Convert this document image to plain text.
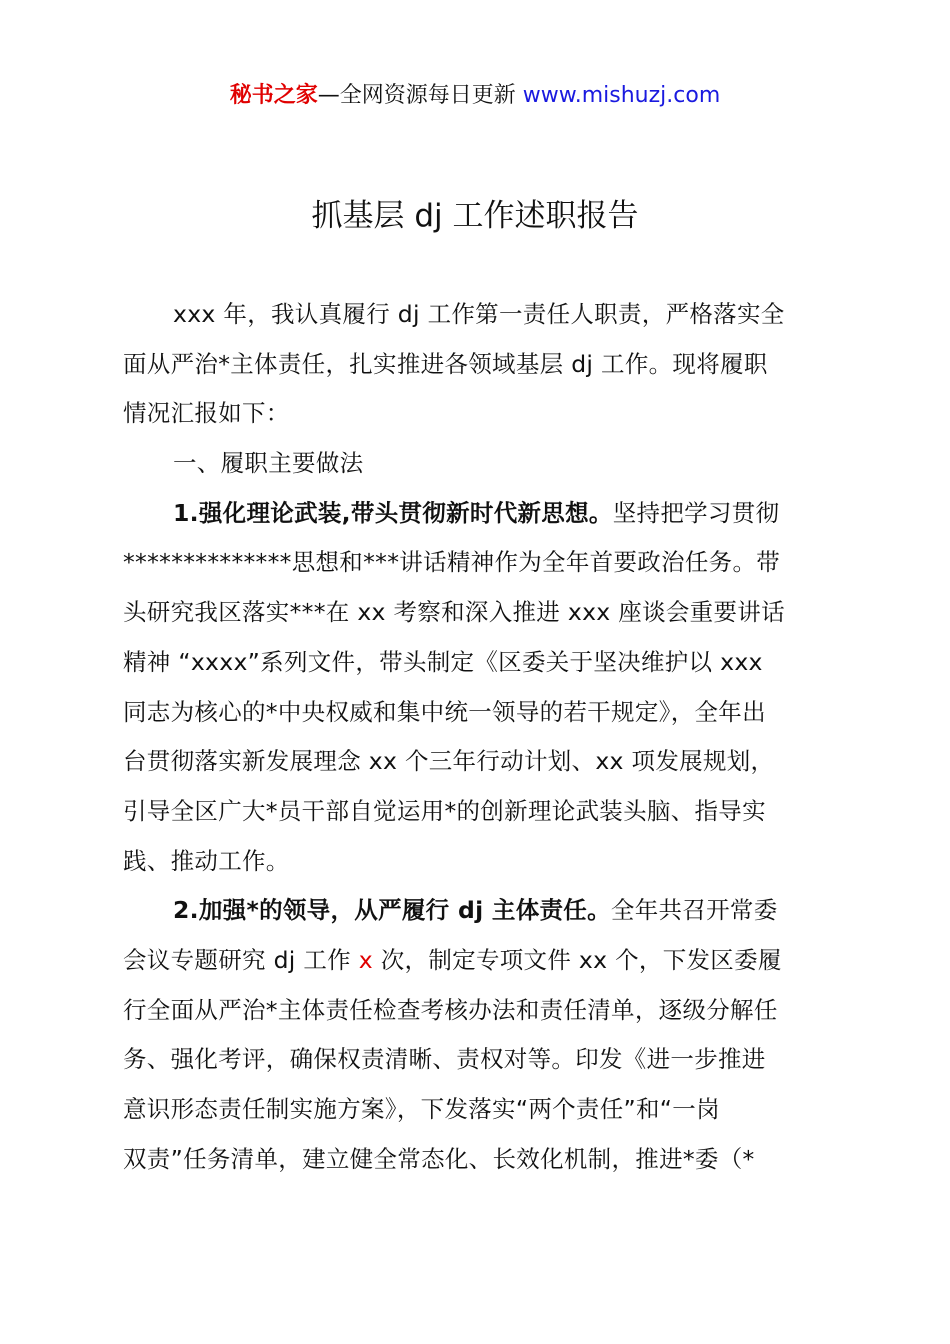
秘书之家—全网资源每日更新 www.mishuzj.com
抓基层 dj 工作述职报告
xxx 年，我认真履行 dj 工作第一责任人职责，严格落实全
面从严治*主体责任，扎实推进各领域基层 dj 工作。现将履职
情况汇报如下：
一、履职主要做法
1.强化理论武装,带头贯彻新时代新思想。坚持把学习贯彻
**************思想和***讲话精神作为全年首要政治任务。带
头研究我区落实***在 xx 考察和深入推进 xxx 座谈会重要讲话
精神 “xxxx”系列文件，带头制定《区委关于坚决维护以 xxx
同志为核心的*中央权威和集中统一领导的若干规定》，全年出
台贯彻落实新发展理念 xx 个三年行动计划、xx 项发展规划，
引导全区广大*员干部自觉运用*的创新理论武装头脑、指导实
践、推动工作。
2.加强*的领导，从严履行 dj 主体责任。全年共召开常委
会议专题研究 dj 工作 x 次，制定专项文件 xx 个，下发区委履
行全面从严治*主体责任检查考核办法和责任清单，逐级分解任
务、强化考评，确保权责清晰、责权对等。印发《进一步推进
意识形态责任制实施方案》，下发落实“两个责任”和“一岗
双责”任务清单，建立健全常态化、长效化机制，推进*委（*
